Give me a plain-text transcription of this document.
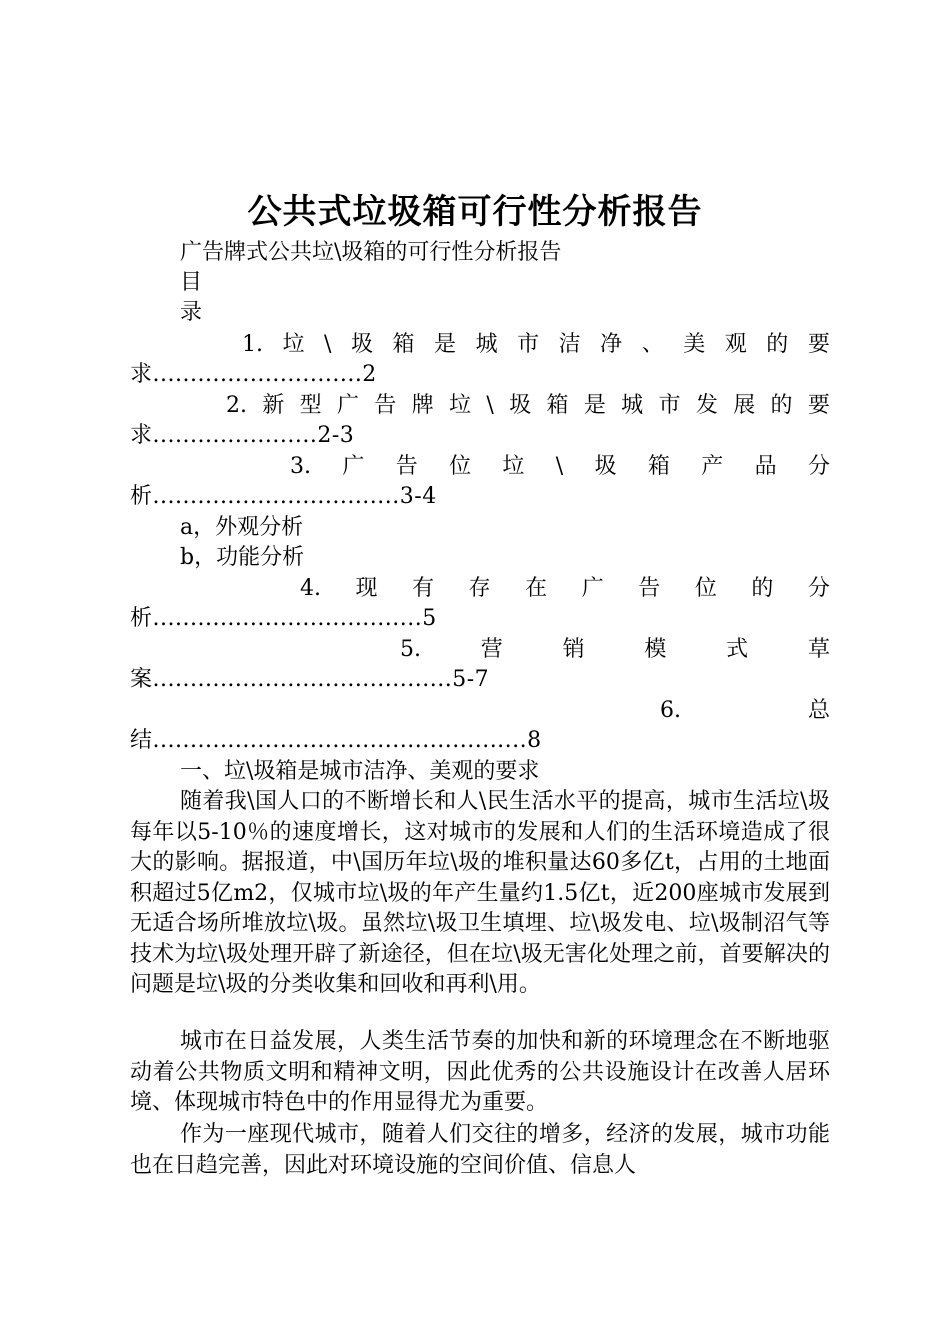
公共式垃圾箱可行性分析报告

广告牌式公共垃\圾箱的可行性分析报告

目

录

1. 垃 \ 圾 箱 是 城 市 洁 净 、 美 观 的 要

求............................2

2. 新 型 广 告 牌 垃 \ 圾 箱 是 城 市 发 展 的 要

求......................2-3

3. 广 告 位 垃 \ 圾 箱 产 品 分

析.................................3-4

a，外观分析

b，功能分析

4. 现 有 存 在 广 告 位 的 分

析....................................5

5.	营	销	模	式	草

案........................................5-7

6.	总

结..................................................8

一、垃\圾箱是城市洁净、美观的要求

随着我\国人口的不断增长和人\民生活水平的提高，城市生活垃\圾每年以5-10％的速度增长，这对城市的发展和人们的生活环境造成了很大的影响。据报道，中\国历年垃\圾的堆积量达60多亿t，占用的土地面积超过5亿m2，仅城市垃\圾的年产生量约1.5亿t，近200座城市发展到无适合场所堆放垃\圾。虽然垃\圾卫生填埋、垃\圾发电、垃\圾制沼气等技术为垃\圾处理开辟了新途径，但在垃\圾无害化处理之前，首要解决的问题是垃\圾的分类收集和回收和再利\用。

城市在日益发展，人类生活节奏的加快和新的环境理念在不断地驱动着公共物质文明和精神文明，因此优秀的公共设施设计在改善人居环境、体现城市特色中的作用显得尤为重要。

作为一座现代城市，随着人们交往的增多，经济的发展，城市功能也在日趋完善，因此对环境设施的空间价值、信息人
